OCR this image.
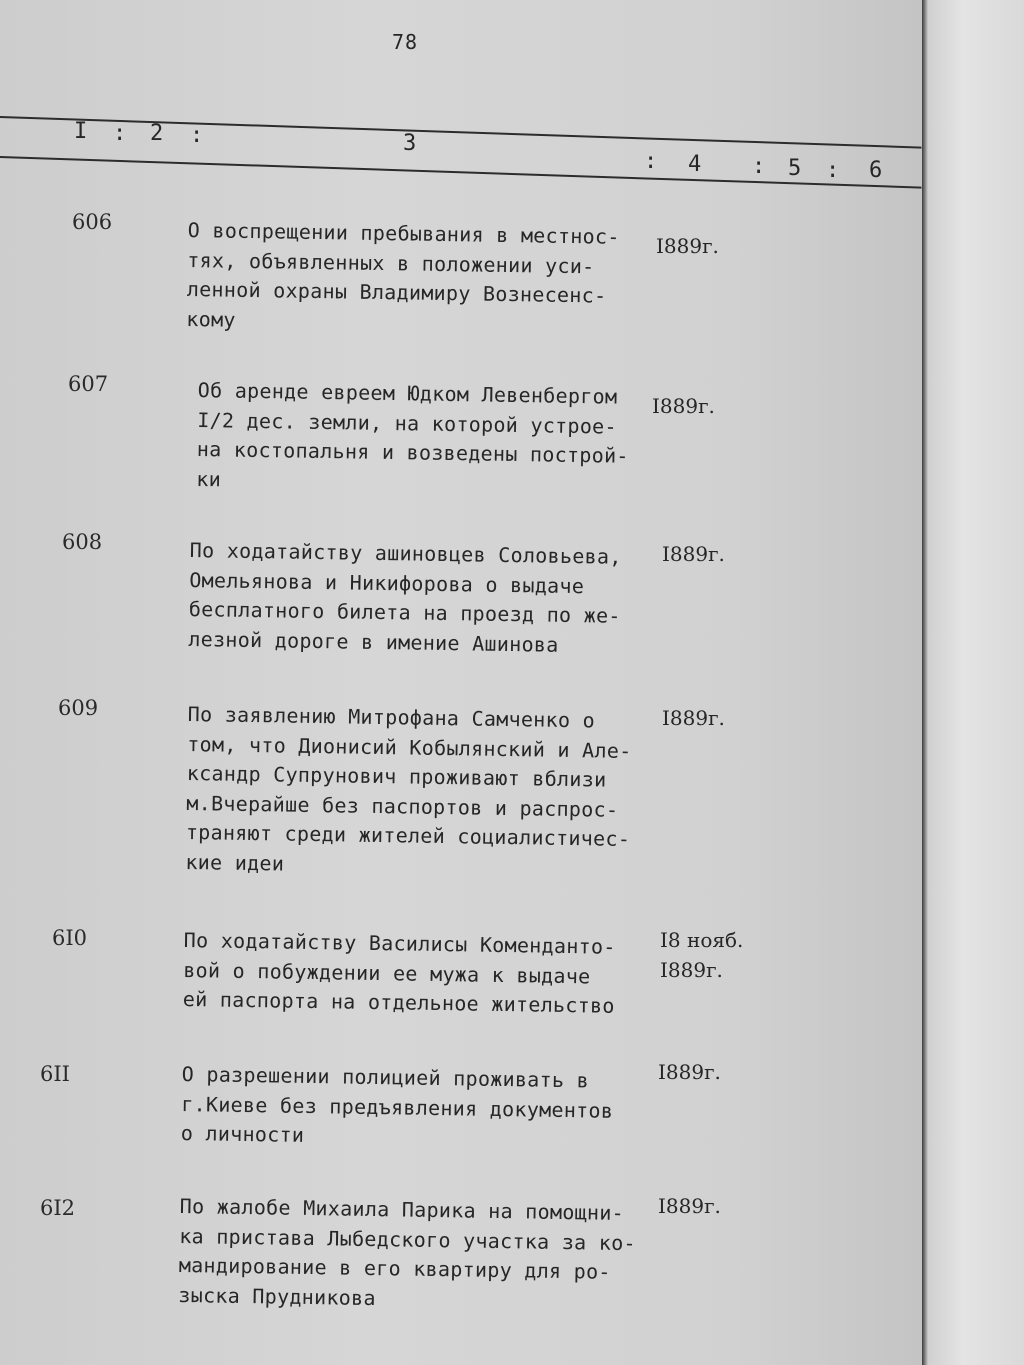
78
I : 2 :	3
: 4 : 5 : 6
606	О воспрещении пребывания в местнос-
тях, объявленных в положении уси-
ленной охраны Владимиру Вознесенс-
кому
I889г.
607	Об аренде евреем Юдком Левенбергом
I/2 дес. земли, на которой устрое-
на костопальня и возведены построй-
ки
I889г.
608	По ходатайству ашиновцев Соловьева,
Омельянова и Никифорова о выдаче
бесплатного билета на проезд по же-
лезной дороге в имение Ашинова
I889г.
609	По заявлению Митрофана Самченко о
том, что Дионисий Кобылянский и Але-
ксандр Супрунович проживают вблизи
м.Вчерайше без паспортов и распрос-
траняют среди жителей социалистичес-
кие идеи
I889г.
6I0	По ходатайству Василисы Комендантo-
вой о побуждении ее мужа к выдаче
ей паспорта на отдельное жительство
I8 нояб.
I889г.
6II	О разрешении полицией проживать в
г.Киеве без предъявления документов
о личности
I889г.
6I2	По жалобе Михаила Парика на помощни-
ка пристава Лыбедского участка за ко-
мандирование в его квартиру для ро-
зыска Прудникова
I889г.
